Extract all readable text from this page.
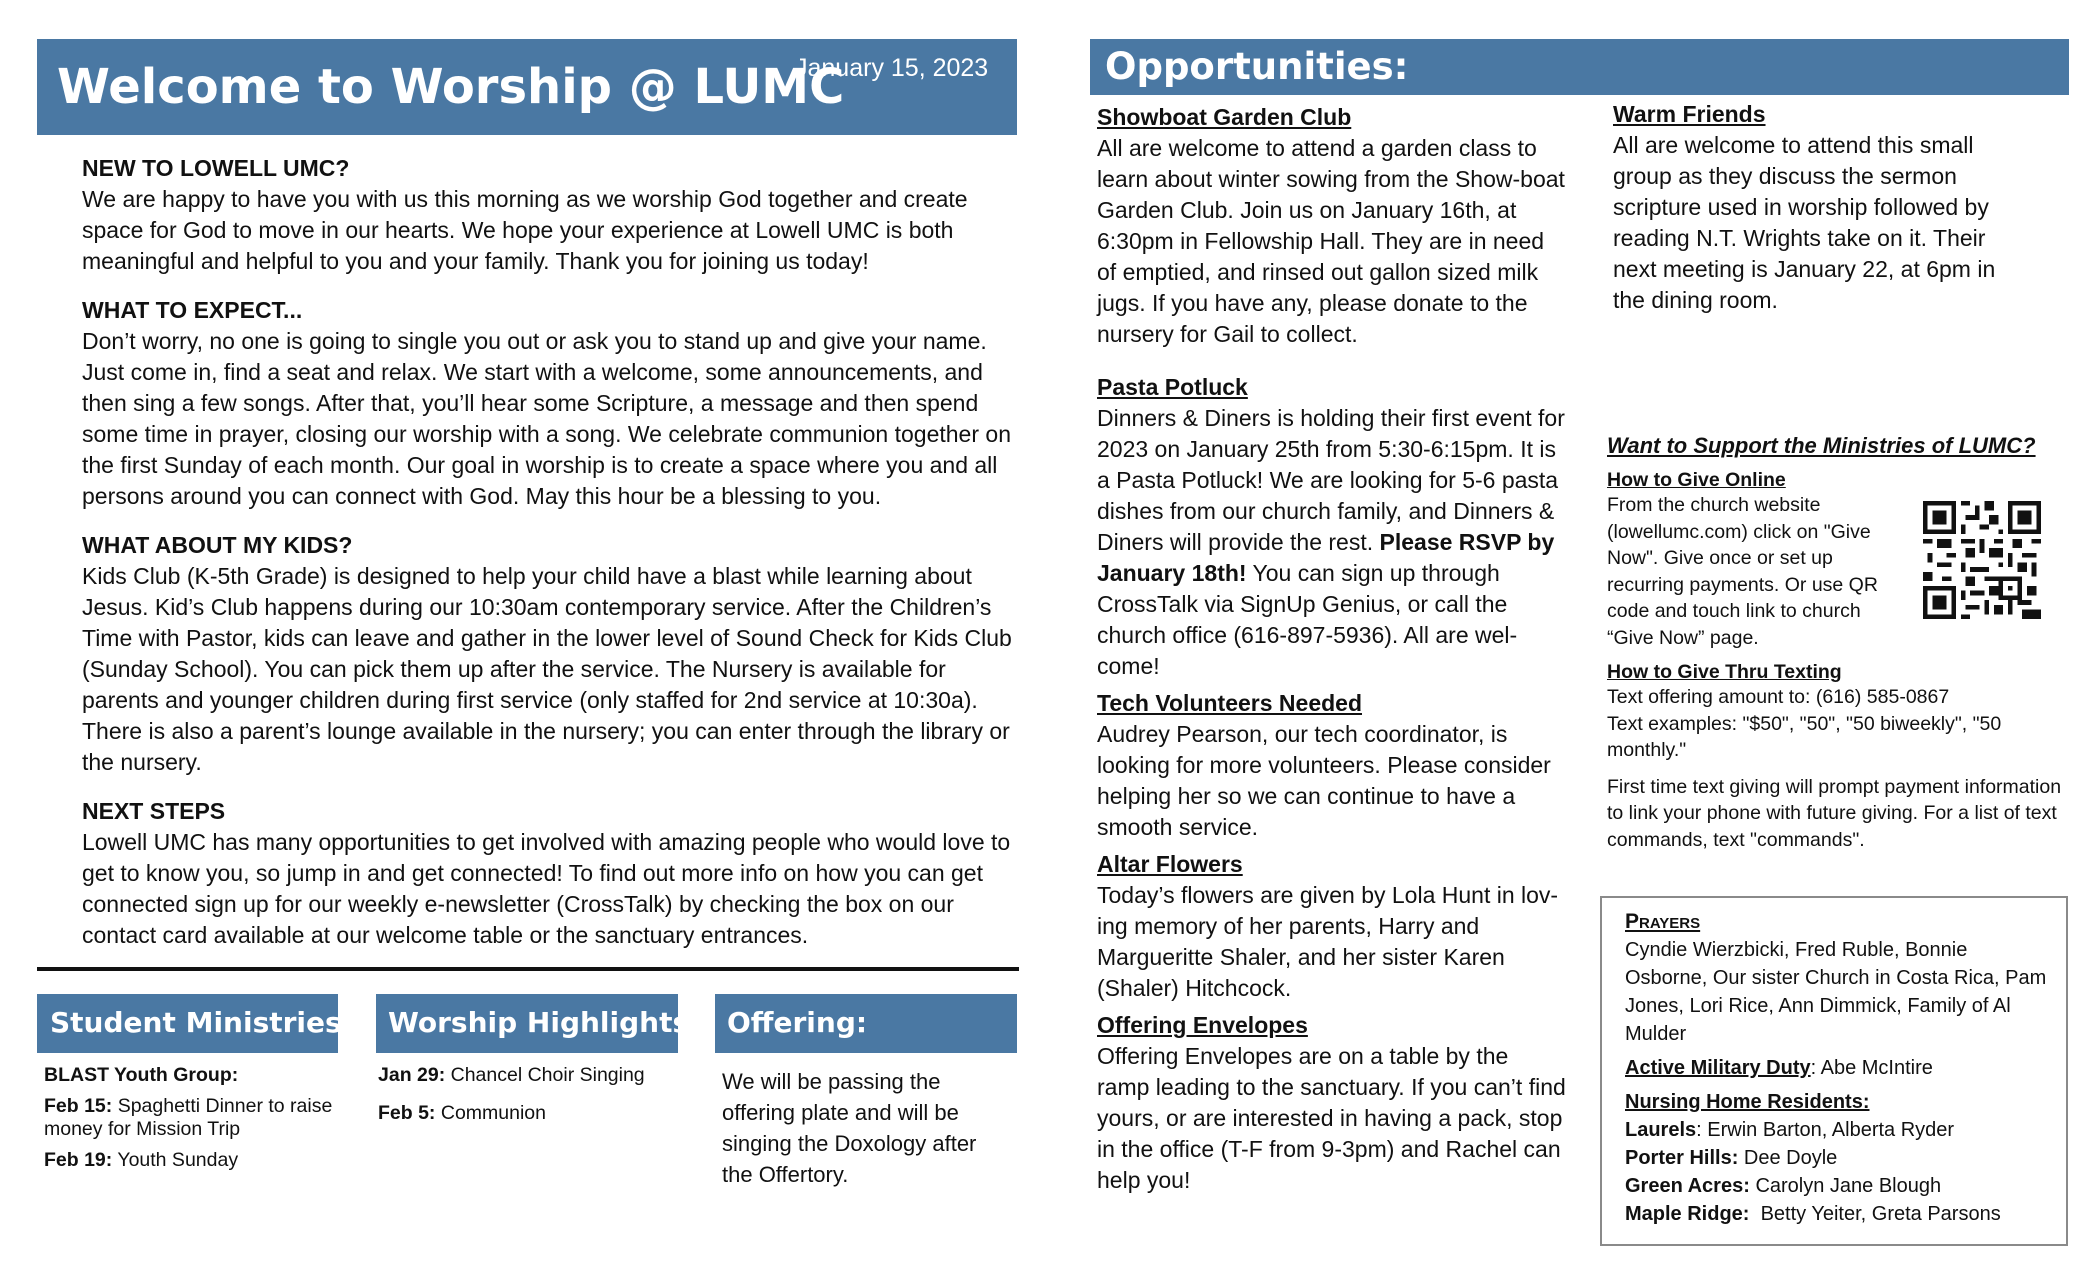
Welcome to Worship @ LUMC
January 15, 2023
NEW TO LOWELL UMC?
We are happy to have you with us this morning as we worship God together and create space for God to move in our hearts. We hope your experience at Lowell UMC is both meaningful and helpful to you and your family. Thank you for joining us today!
WHAT TO EXPECT...
Don’t worry, no one is going to single you out or ask you to stand up and give your name. Just come in, find a seat and relax. We start with a welcome, some announcements, and then sing a few songs. After that, you’ll hear some Scripture, a message and then spend some time in prayer, closing our worship with a song. We celebrate communion together on the first Sunday of each month. Our goal in worship is to create a space where you and all persons around you can connect with God. May this hour be a blessing to you.
WHAT ABOUT MY KIDS?
Kids Club (K-5th Grade) is designed to help your child have a blast while learning about Jesus. Kid’s Club happens during our 10:30am contemporary service. After the Children’s Time with Pastor, kids can leave and gather in the lower level of Sound Check for Kids Club (Sunday School). You can pick them up after the service. The Nursery is available for parents and younger children during first service (only staffed for 2nd service at 10:30a). There is also a parent’s lounge available in the nursery; you can enter through the library or the nursery.
NEXT STEPS
Lowell UMC has many opportunities to get involved with amazing people who would love to get to know you, so jump in and get connected! To find out more info on how you can get connected sign up for our weekly e-newsletter (CrossTalk) by checking the box on our contact card available at our welcome table or the sanctuary entrances.
Student Ministries:
BLAST Youth Group:
Feb 15: Spaghetti Dinner to raise money for Mission Trip
Feb 19: Youth Sunday
Worship Highlights:
Jan 29: Chancel Choir Singing
Feb 5: Communion
Offering:
We will be passing the offering plate and will be singing the Doxology after the Offertory.
Opportunities:
Showboat Garden Club
All are welcome to attend a garden class to learn about winter sowing from the Show-boat Garden Club. Join us on January 16th, at 6:30pm in Fellowship Hall. They are in need of emptied, and rinsed out gallon sized milk jugs. If you have any, please donate to the nursery for Gail to collect.
Pasta Potluck
Dinners & Diners is holding their first event for 2023 on January 25th from 5:30-6:15pm. It is a Pasta Potluck! We are looking for 5-6 pasta dishes from our church family, and Dinners & Diners will provide the rest. Please RSVP by January 18th! You can sign up through CrossTalk via SignUp Genius, or call the church office (616-897-5936). All are wel-come!
Tech Volunteers Needed
Audrey Pearson, our tech coordinator, is looking for more volunteers. Please consider helping her so we can continue to have a smooth service.
Altar Flowers
Today’s flowers are given by Lola Hunt in lov-ing memory of her parents, Harry and Margueritte Shaler, and her sister Karen (Shaler) Hitchcock.
Offering Envelopes
Offering Envelopes are on a table by the ramp leading to the sanctuary. If you can’t find yours, or are interested in having a pack, stop in the office (T-F from 9-3pm) and Rachel can help you!
Warm Friends
All are welcome to attend this small group as they discuss the sermon scripture used in worship followed by reading N.T. Wrights take on it. Their next meeting is January 22, at 6pm in the dining room.
Want to Support the Ministries of LUMC?
How to Give Online
From the church website (lowellumc.com) click on "Give Now". Give once or set up recurring payments. Or use QR code and touch link to church “Give Now” page.
How to Give Thru Texting
Text offering amount to: (616) 585-0867
Text examples: "$50", "50", "50 biweekly", "50 monthly."
First time text giving will prompt payment information to link your phone with future giving. For a list of text commands, text "commands".
Prayers
Cyndie Wierzbicki, Fred Ruble, Bonnie Osborne, Our sister Church in Costa Rica, Pam Jones, Lori Rice, Ann Dimmick, Family of Al Mulder
Active Military Duty: Abe McIntire
Nursing Home Residents:
Laurels: Erwin Barton, Alberta Ryder
Porter Hills: Dee Doyle
Green Acres: Carolyn Jane Blough
Maple Ridge: Betty Yeiter, Greta Parsons
